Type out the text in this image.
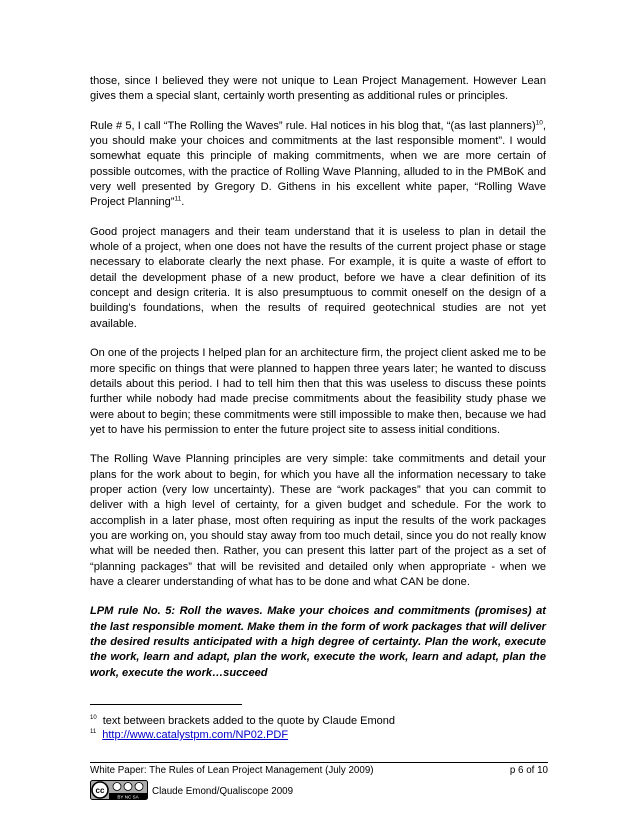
those, since I believed they were not unique to Lean Project Management. However Lean gives them a special slant, certainly worth presenting as additional rules or principles.

Rule # 5, I call “The Rolling the Waves” rule. Hal notices in his blog that, “(as last planners)$^{10}$, you should make your choices and commitments at the last responsible moment”. I would somewhat equate this principle of making commitments, when we are more certain of possible outcomes, with the practice of Rolling Wave Planning, alluded to in the PMBoK and very well presented by Gregory D. Githens in his excellent white paper, “Rolling Wave Project Planning”$^{11}$.

Good project managers and their team understand that it is useless to plan in detail the whole of a project, when one does not have the results of the current project phase or stage necessary to elaborate clearly the next phase. For example, it is quite a waste of effort to detail the development phase of a new product, before we have a clear definition of its concept and design criteria. It is also presumptuous to commit oneself on the design of a building’s foundations, when the results of required geotechnical studies are not yet available.

On one of the projects I helped plan for an architecture firm, the project client asked me to be more specific on things that were planned to happen three years later; he wanted to discuss details about this period. I had to tell him then that this was useless to discuss these points further while nobody had made precise commitments about the feasibility study phase we were about to begin; these commitments were still impossible to make then, because we had yet to have his permission to enter the future project site to assess initial conditions.

The Rolling Wave Planning principles are very simple: take commitments and detail your plans for the work about to begin, for which you have all the information necessary to take proper action (very low uncertainty). These are “work packages” that you can commit to deliver with a high level of certainty, for a given budget and schedule. For the work to accomplish in a later phase, most often requiring as input the results of the work packages you are working on, you should stay away from too much detail, since you do not really know what will be needed then. Rather, you can present this latter part of the project as a set of “planning packages” that will be revisited and detailed only when appropriate - when we have a clearer understanding of what has to be done and what CAN be done.

LPM rule No. 5: Roll the waves. Make your choices and commitments (promises) at the last responsible moment. Make them in the form of work packages that will deliver the desired results anticipated with a high degree of certainty. Plan the work, execute the work, learn and adapt, plan the work, execute the work, learn and adapt, plan the work, execute the work…succeed

$^{10}$ text between brackets added to the quote by Claude Emond
$^{11}$ http://www.catalystpm.com/NP02.PDF
White Paper: The Rules of Lean Project Management (July 2009)	p 6 of 10
cc
BY NC SA Claude Emond/Qualiscope 2009
